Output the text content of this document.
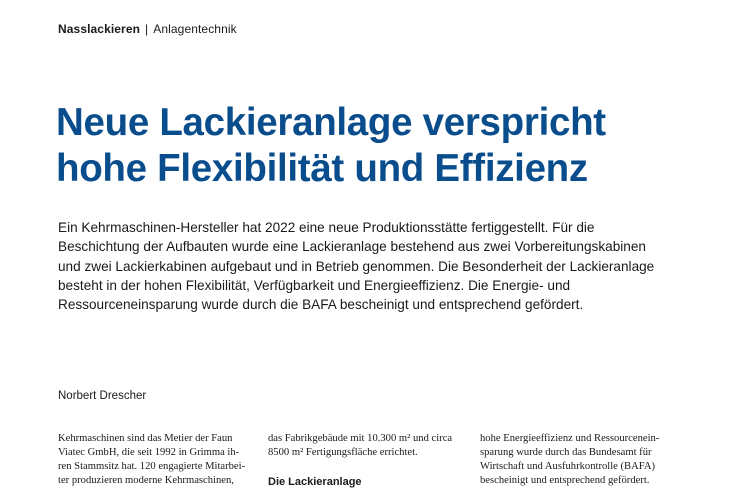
Nasslackieren | Anlagentechnik
Neue Lackieranlage verspricht
hohe Flexibilität und Effizienz

Ein Kehrmaschinen-Hersteller hat 2022 eine neue Produktionsstätte fertiggestellt. Für die
Beschichtung der Aufbauten wurde eine Lackieranlage bestehend aus zwei Vorbereitungskabinen
und zwei Lackierkabinen aufgebaut und in Betrieb genommen. Die Besonderheit der Lackieranlage
besteht in der hohen Flexibilität, Verfügbarkeit und Energieeffizienz. Die Energie- und
Ressourceneinsparung wurde durch die BAFA bescheinigt und entsprechend gefördert.

Norbert Drescher
Kehrmaschinen sind das Metier der Faun
Viatec GmbH, die seit 1992 in Grimma ih-
ren Stammsitz hat. 120 engagierte Mitarbei-
ter produzieren moderne Kehrmaschinen,
das Fabrikgebäude mit 10.300 m² und circa
8500 m² Fertigungsfläche errichtet.
Die Lackieranlage
hohe Energieeffizienz und Ressourcenein-
sparung wurde durch das Bundesamt für
Wirtschaft und Ausfuhrkontrolle (BAFA)
bescheinigt und entsprechend gefördert.
